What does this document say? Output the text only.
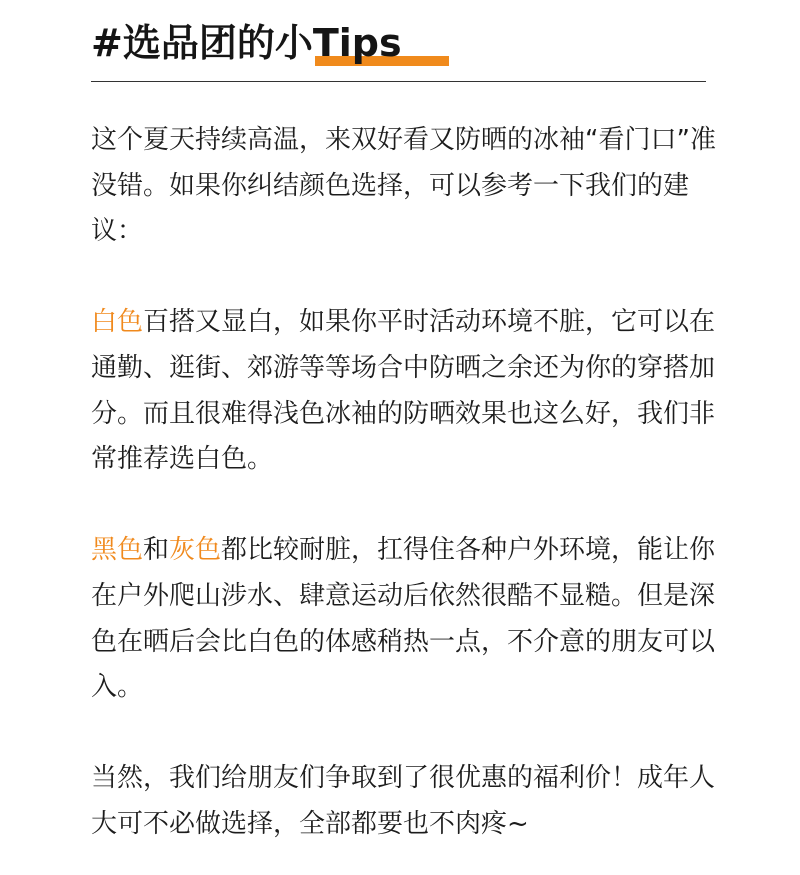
#选品团的小Tips

这个夏天持续高温，来双好看又防晒的冰袖“看门口”准没错。如果你纠结颜色选择，可以参考一下我们的建议：

白色百搭又显白，如果你平时活动环境不脏，它可以在通勤、逛街、郊游等等场合中防晒之余还为你的穿搭加分。而且很难得浅色冰袖的防晒效果也这么好，我们非常推荐选白色。

黑色和灰色都比较耐脏，扛得住各种户外环境，能让你在户外爬山涉水、肆意运动后依然很酷不显糙。但是深色在晒后会比白色的体感稍热一点，不介意的朋友可以入。

当然，我们给朋友们争取到了很优惠的福利价！成年人大可不必做选择，全部都要也不肉疼~
